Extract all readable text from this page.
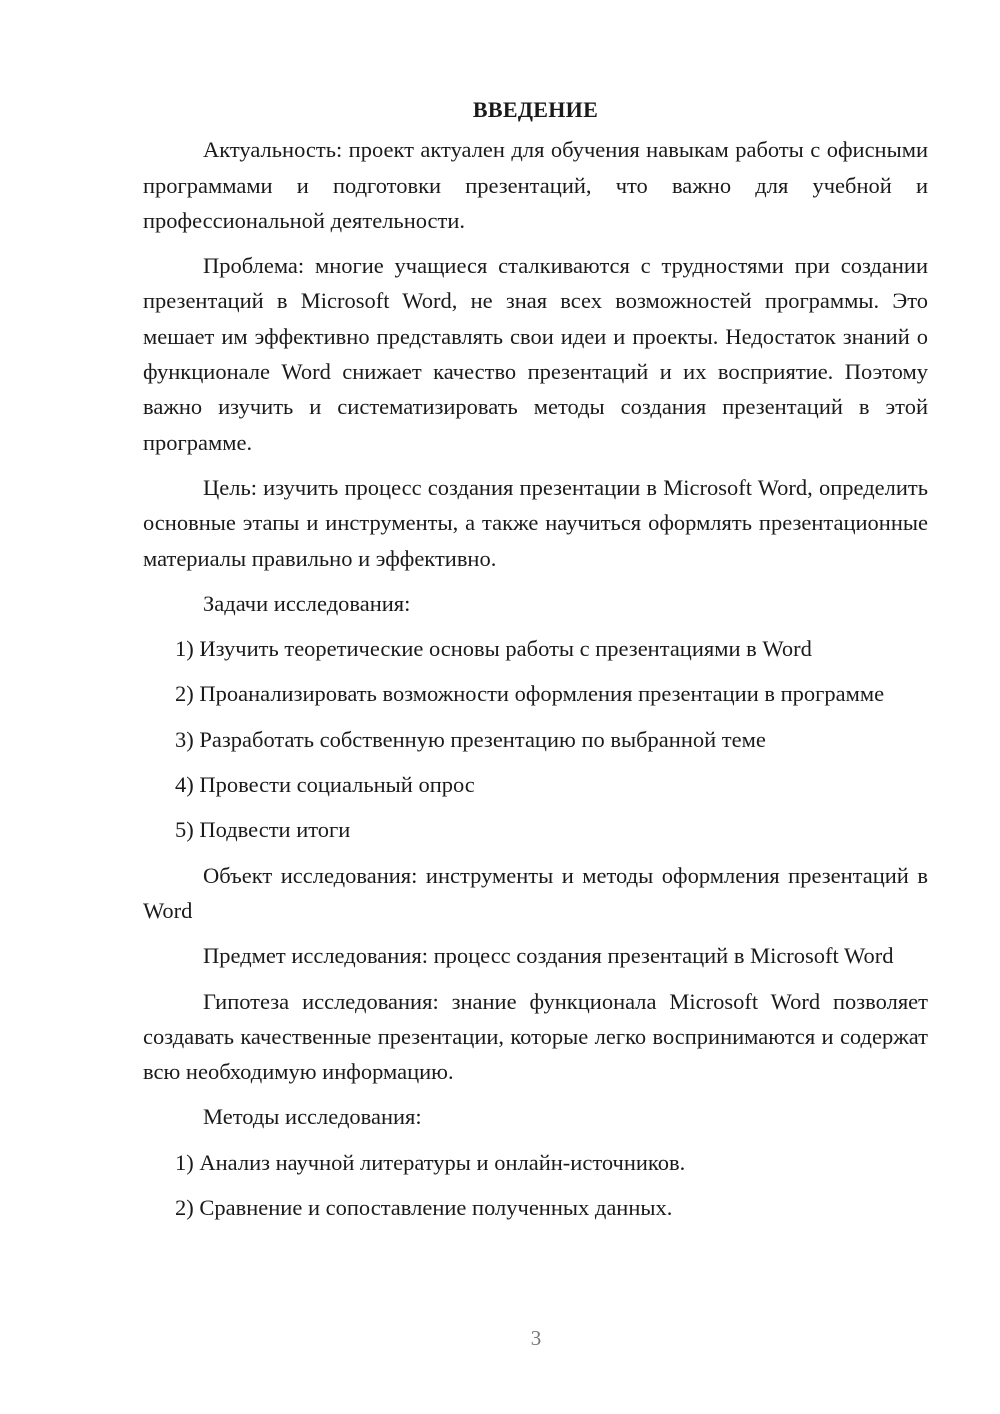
ВВЕДЕНИЕ

Актуальность: проект актуален для обучения навыкам работы с офисными программами и подготовки презентаций, что важно для учебной и профессиональной деятельности.

Проблема: многие учащиеся сталкиваются с трудностями при создании презентаций в Microsoft Word, не зная всех возможностей программы. Это мешает им эффективно представлять свои идеи и проекты. Недостаток знаний о функционале Word снижает качество презентаций и их восприятие. Поэтому важно изучить и систематизировать методы создания презентаций в этой программе.

Цель: изучить процесс создания презентации в Microsoft Word, определить основные этапы и инструменты, а также научиться оформлять презентационные материалы правильно и эффективно.

Задачи исследования:

1) Изучить теоретические основы работы с презентациями в Word

2) Проанализировать возможности оформления презентации в программе

3) Разработать собственную презентацию по выбранной теме

4) Провести социальный опрос

5) Подвести итоги

Объект исследования: инструменты и методы оформления презентаций в Word

Предмет исследования: процесс создания презентаций в Microsoft Word

Гипотеза исследования: знание функционала Microsoft Word позволяет создавать качественные презентации, которые легко воспринимаются и содержат всю необходимую информацию.

Методы исследования:

1) Анализ научной литературы и онлайн-источников.

2) Сравнение и сопоставление полученных данных.

3
